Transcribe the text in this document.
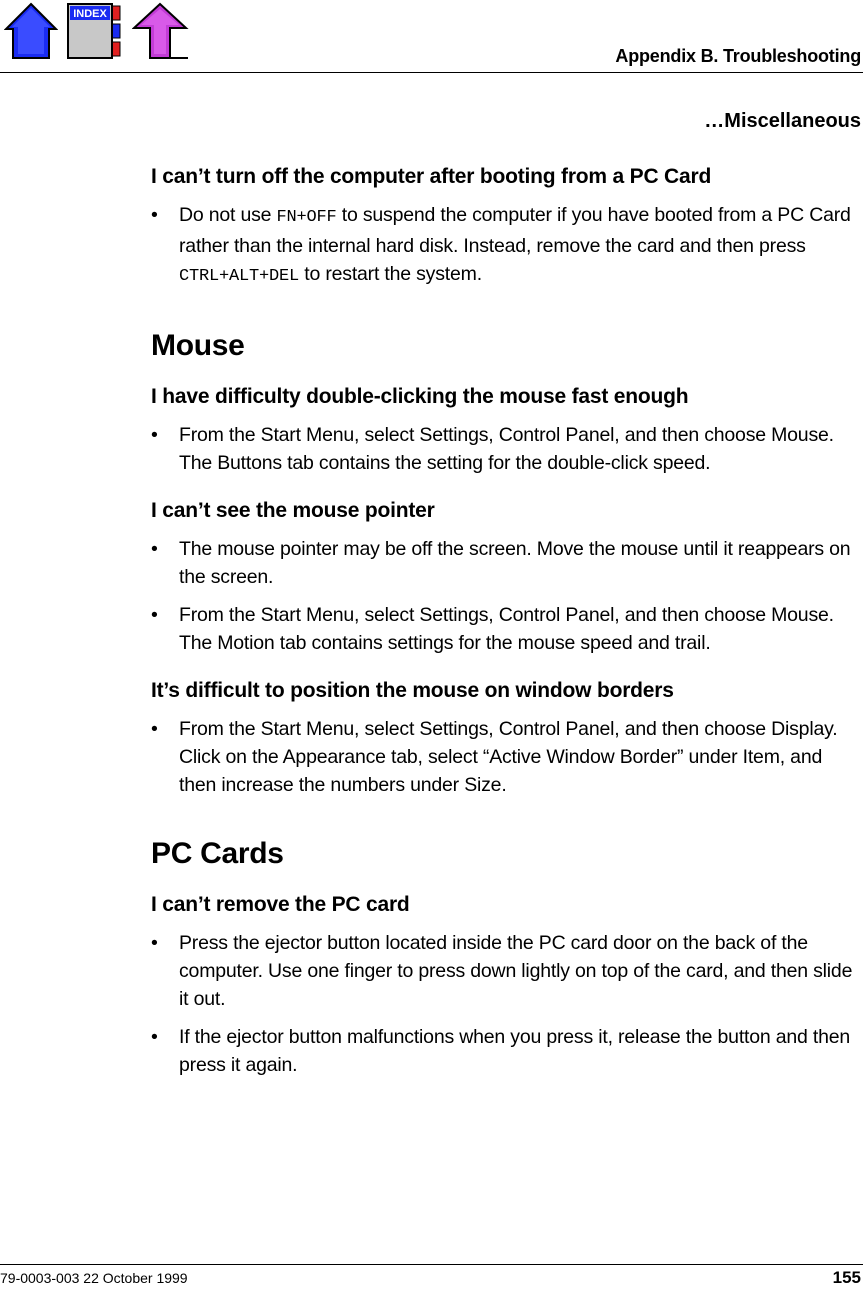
INDEX
Appendix B. Troubleshooting
…Miscellaneous
I can’t turn off the computer after booting from a PC Card
• Do not use FN+OFF to suspend the computer if you have booted from a PC Card rather than the internal hard disk. Instead, remove the card and then press CTRL+ALT+DEL to restart the system.
Mouse
I have difficulty double-clicking the mouse fast enough
• From the Start Menu, select Settings, Control Panel, and then choose Mouse. The Buttons tab contains the setting for the double-click speed.
I can’t see the mouse pointer
• The mouse pointer may be off the screen. Move the mouse until it reappears on the screen.
• From the Start Menu, select Settings, Control Panel, and then choose Mouse. The Motion tab contains settings for the mouse speed and trail.
It’s difficult to position the mouse on window borders
• From the Start Menu, select Settings, Control Panel, and then choose Display. Click on the Appearance tab, select “Active Window Border” under Item, and then increase the numbers under Size.
PC Cards
I can’t remove the PC card
• Press the ejector button located inside the PC card door on the back of the computer. Use one finger to press down lightly on top of the card, and then slide it out.
• If the ejector button malfunctions when you press it, release the button and then press it again.
79-0003-003 22 October 1999	155
